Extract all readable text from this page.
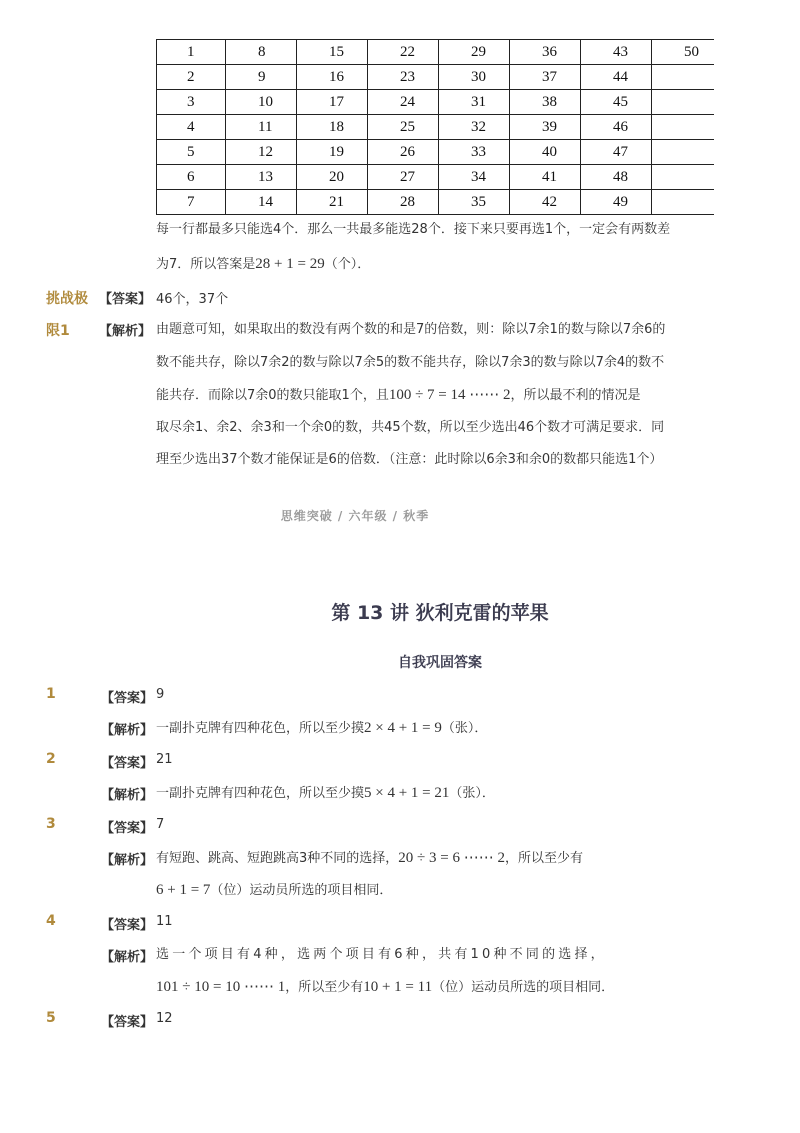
1	8	15	22	29	36	43	50
2	9	16	23	30	37	44	
3	10	17	24	31	38	45	
4	11	18	25	32	39	46	
5	12	19	26	33	40	47	
6	13	20	27	34	41	48	
7	14	21	28	35	42	49	
每一行都最多只能选4个．那么一共最多能选28个．接下来只要再选1个，一定会有两数差
为7．所以答案是28 + 1 = 29（个）．
挑战极
限1
【答案】 46个，37个
【解析】 由题意可知，如果取出的数没有两个数的和是7的倍数，则：除以7余1的数与除以7余6的
数不能共存，除以7余2的数与除以7余5的数不能共存，除以7余3的数与除以7余4的数不
能共存．而除以7余0的数只能取1个，且100 ÷ 7 = 14 ⋯⋯ 2，所以最不利的情况是
取尽余1、余2、余3和一个余0的数，共45个数，所以至少选出46个数才可满足要求．同
理至少选出37个数才能保证是6的倍数．（注意：此时除以6余3和余0的数都只能选1个）
思维突破 / 六年级 / 秋季
第 13 讲 狄利克雷的苹果
自我巩固答案
1	【答案】 9
【解析】 一副扑克牌有四种花色，所以至少摸2 × 4 + 1 = 9（张）．
2	【答案】 21
【解析】 一副扑克牌有四种花色，所以至少摸5 × 4 + 1 = 21（张）．
3	【答案】 7
【解析】 有短跑、跳高、短跑跳高3种不同的选择，20 ÷ 3 = 6 ⋯⋯ 2，所以至少有
6 + 1 = 7（位）运动员所选的项目相同．
4	【答案】 11
【解析】 选一个项目有4种，选两个项目有6种，共有10种不同的选择，
101 ÷ 10 = 10 ⋯⋯ 1，所以至少有10 + 1 = 11（位）运动员所选的项目相同．
5	【答案】 12
